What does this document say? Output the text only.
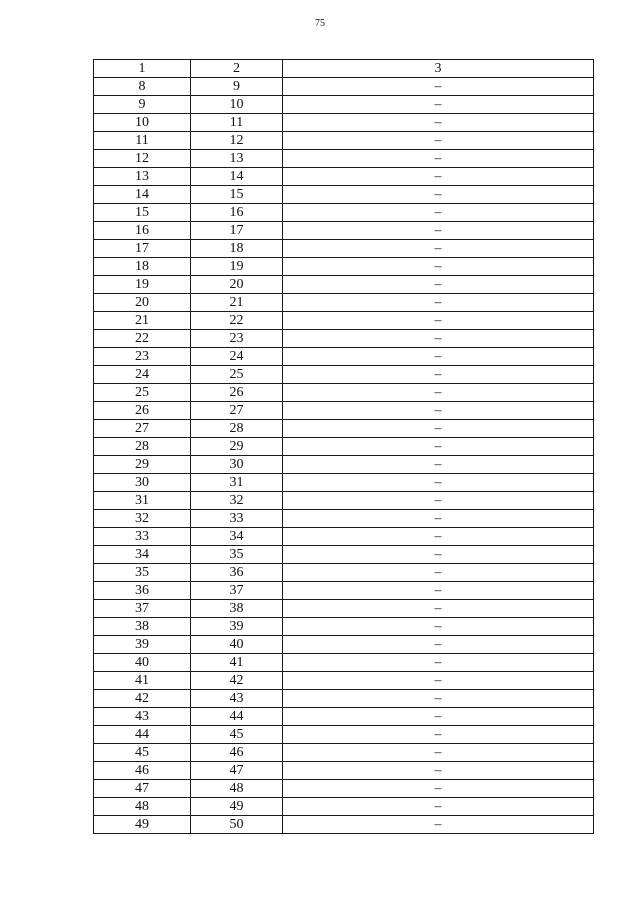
75
1	2	3
8	9	–
9	10	–
10	11	–
11	12	–
12	13	–
13	14	–
14	15	–
15	16	–
16	17	–
17	18	–
18	19	–
19	20	–
20	21	–
21	22	–
22	23	–
23	24	–
24	25	–
25	26	–
26	27	–
27	28	–
28	29	–
29	30	–
30	31	–
31	32	–
32	33	–
33	34	–
34	35	–
35	36	–
36	37	–
37	38	–
38	39	–
39	40	–
40	41	–
41	42	–
42	43	–
43	44	–
44	45	–
45	46	–
46	47	–
47	48	–
48	49	–
49	50	–
